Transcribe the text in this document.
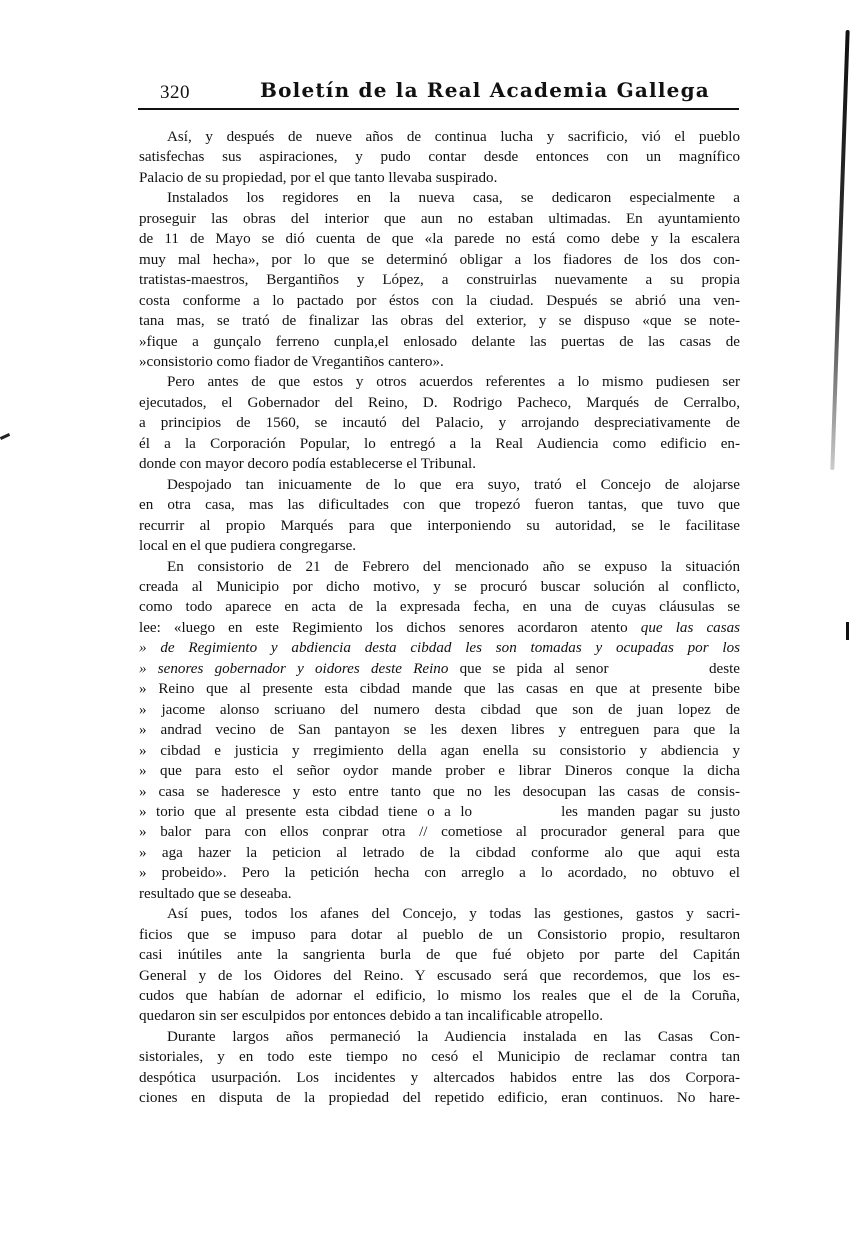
320	Boletín de la Real Academia Gallega
Así, y después de nueve años de continua lucha y sacrificio, vió el pueblo
satisfechas sus aspiraciones, y pudo contar desde entonces con un magnífico
Palacio de su propiedad, por el que tanto llevaba suspirado.
Instalados los regidores en la nueva casa, se dedicaron especialmente a
proseguir las obras del interior que aun no estaban ultimadas. En ayuntamiento
de 11 de Mayo se dió cuenta de que «la parede no está como debe y la escalera
muy mal hecha», por lo que se determinó obligar a los fiadores de los dos con-
tratistas-maestros, Bergantiños y López, a construirlas nuevamente a su propia
costa conforme a lo pactado por éstos con la ciudad. Después se abrió una ven-
tana mas, se trató de finalizar las obras del exterior, y se dispuso «que se note-
»fique a gunçalo ferreno cunpla,el enlosado delante las puertas de las casas de
»consistorio como fiador de Vregantiños cantero».
Pero antes de que estos y otros acuerdos referentes a lo mismo pudiesen ser
ejecutados, el Gobernador del Reino, D. Rodrigo Pacheco, Marqués de Cerralbo,
a principios de 1560, se incautó del Palacio, y arrojando despreciativamente de
él a la Corporación Popular, lo entregó a la Real Audiencia como edificio en-
donde con mayor decoro podía establecerse el Tribunal.
Despojado tan inicuamente de lo que era suyo, trató el Concejo de alojarse
en otra casa, mas las dificultades con que tropezó fueron tantas, que tuvo que
recurrir al propio Marqués para que interponiendo su autoridad, se le facilitase
local en el que pudiera congregarse.
En consistorio de 21 de Febrero del mencionado año se expuso la situación
creada al Municipio por dicho motivo, y se procuró buscar solución al conflicto,
como todo aparece en acta de la expresada fecha, en una de cuyas cláusulas se
lee: «luego en este Regimiento los dichos senores acordaron atento que las casas
» de Regimiento y abdiencia desta cibdad les son tomadas y ocupadas por los
» senores gobernador y oidores deste Reino que se pida al senor	deste
» Reino que al presente esta cibdad mande que las casas en que at presente bibe
» jacome alonso scriuano del numero desta cibdad que son de juan lopez de
» andrad vecino de San pantayon se les dexen libres y entreguen para que la
» cibdad e justicia y rregimiento della agan enella su consistorio y abdiencia y
» que para esto el señor oydor mande prober e librar Dineros conque la dicha
» casa se haderesce y esto entre tanto que no les desocupan las casas de consis-
» torio que al presente esta cibdad tiene o a lo	les manden pagar su justo
» balor para con ellos conprar otra // cometiose al procurador general para que
» aga hazer la peticion al letrado de la cibdad conforme alo que aqui esta
» probeido». Pero la petición hecha con arreglo a lo acordado, no obtuvo el
resultado que se deseaba.
Así pues, todos los afanes del Concejo, y todas las gestiones, gastos y sacri-
ficios que se impuso para dotar al pueblo de un Consistorio propio, resultaron
casi inútiles ante la sangrienta burla de que fué objeto por parte del Capitán
General y de los Oidores del Reino. Y escusado será que recordemos, que los es-
cudos que habían de adornar el edificio, lo mismo los reales que el de la Coruña,
quedaron sin ser esculpidos por entonces debido a tan incalificable atropello.
Durante largos años permaneció la Audiencia instalada en las Casas Con-
sistoriales, y en todo este tiempo no cesó el Municipio de reclamar contra tan
despótica usurpación. Los incidentes y altercados habidos entre las dos Corpora-
ciones en disputa de la propiedad del repetido edificio, eran continuos. No hare-
